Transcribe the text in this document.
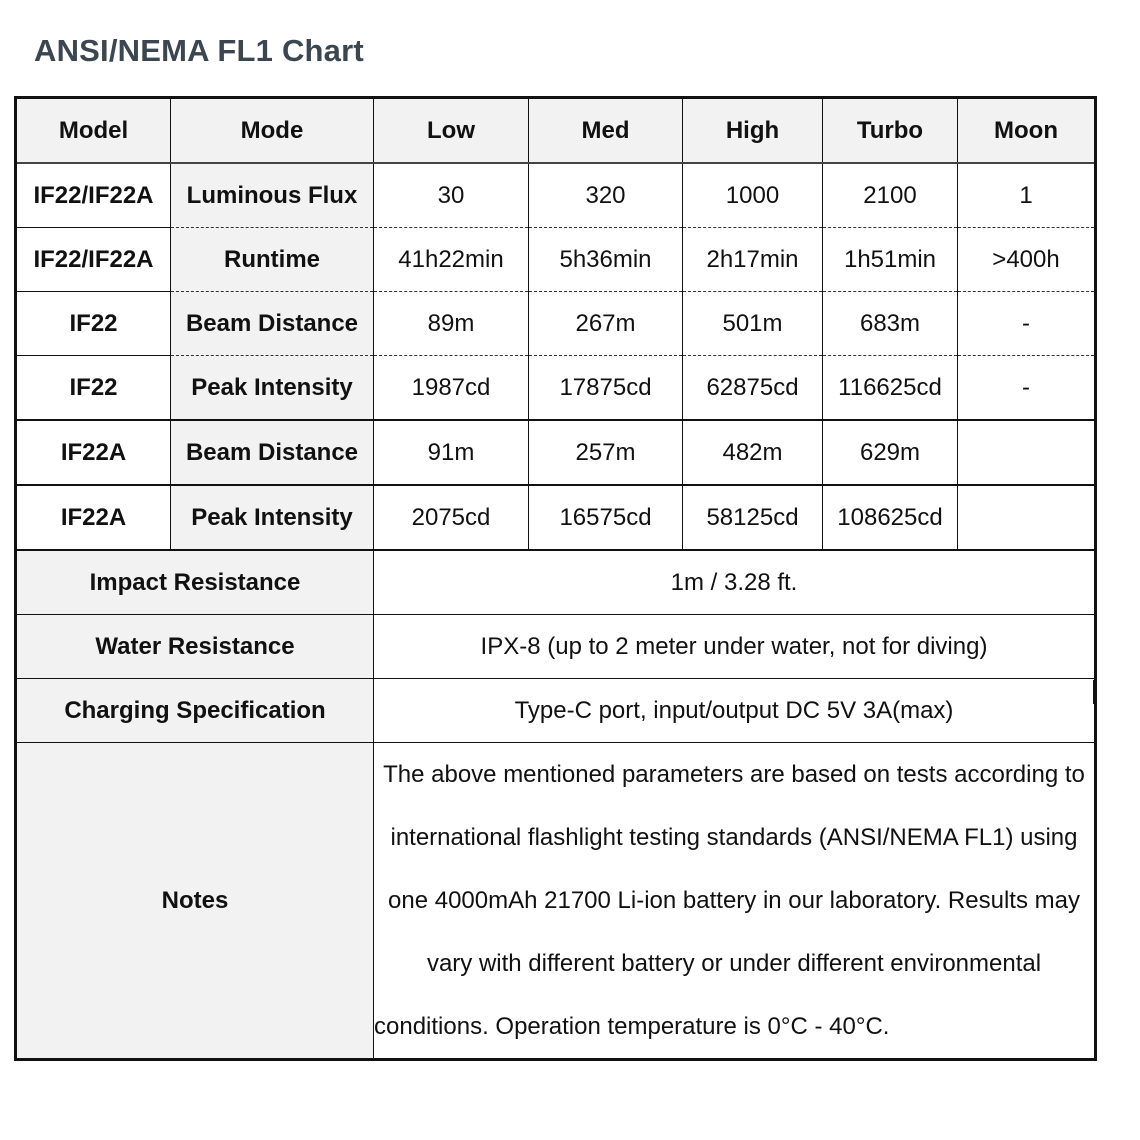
ANSI/NEMA FL1 Chart
Model	Mode	Low	Med	High	Turbo	Moon
IF22/IF22A	Luminous Flux	30	320	1000	2100	1
IF22/IF22A	Runtime	41h22min	5h36min	2h17min	1h51min	>400h
IF22	Beam Distance	89m	267m	501m	683m	-
IF22	Peak Intensity	1987cd	17875cd	62875cd	116625cd	-
IF22A	Beam Distance	91m	257m	482m	629m	
IF22A	Peak Intensity	2075cd	16575cd	58125cd	108625cd	
Impact Resistance		1m / 3.28 ft.				
Water Resistance		IPX-8 (up to 2 meter under water, not for diving)				
Charging Specification		Type-C port, input/output DC 5V 3A(max)				
Notes		The above mentioned parameters are based on tests according to international flashlight testing standards (ANSI/NEMA FL1) using one 4000mAh 21700 Li-ion battery in our laboratory. Results may vary with different battery or under different environmental conditions. Operation temperature is 0°C - 40°C.				
